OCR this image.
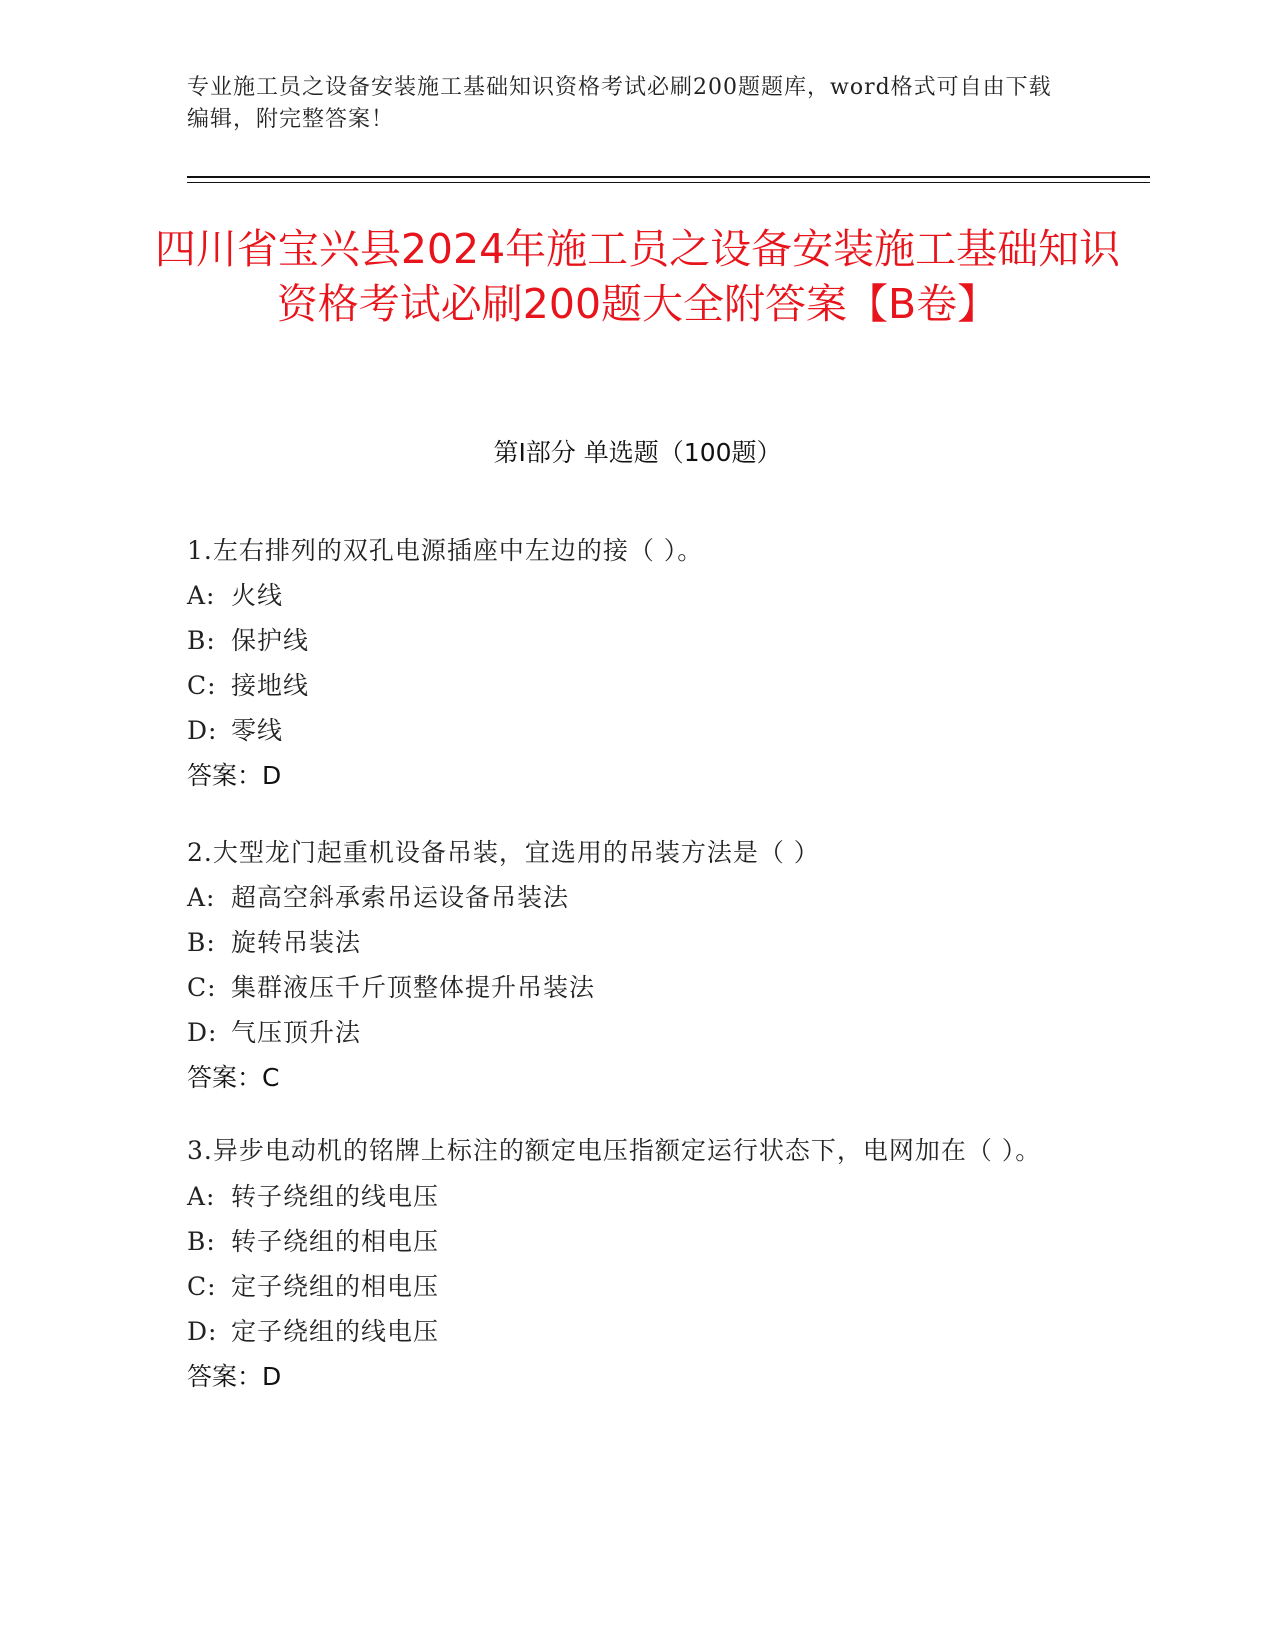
专业施工员之设备安装施工基础知识资格考试必刷200题题库，word格式可自由下载编辑，附完整答案！
四川省宝兴县2024年施工员之设备安装施工基础知识资格考试必刷200题大全附答案【B卷】
第Ⅰ部分 单选题（100题）
1.左右排列的双孔电源插座中左边的接（ ）。
A: 火线
B: 保护线
C: 接地线
D: 零线
答案：D
2.大型龙门起重机设备吊装，宜选用的吊装方法是（ ）
A: 超高空斜承索吊运设备吊装法
B: 旋转吊装法
C: 集群液压千斤顶整体提升吊装法
D: 气压顶升法
答案：C
3.异步电动机的铭牌上标注的额定电压指额定运行状态下，电网加在（ ）。
A: 转子绕组的线电压
B: 转子绕组的相电压
C: 定子绕组的相电压
D: 定子绕组的线电压
答案：D
